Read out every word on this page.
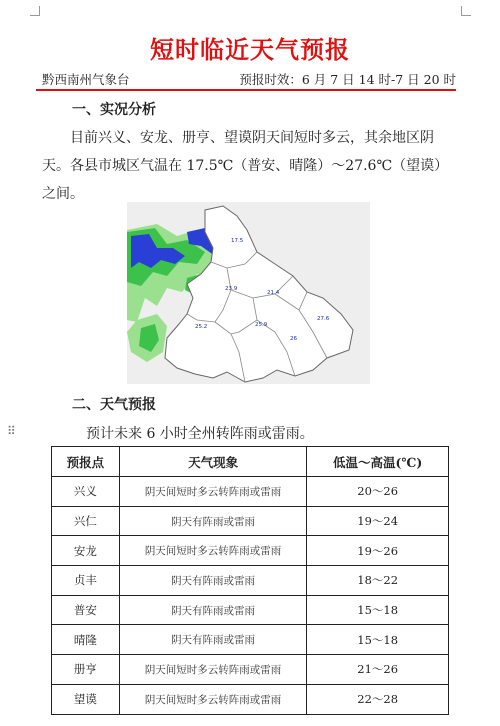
短时临近天气预报
黔西南州气象台	预报时效：6 月 7 日 14 时-7 日 20 时
一、实况分析

目前兴义、安龙、册亨、望谟阴天间短时多云，其余地区阴天。各县市城区气温在 17.5℃（普安、晴隆）～27.6℃（望谟）之间。

17.5
23.9
21.4
27.6
25.2	25.9
26
二、天气预报
⠿	预计未来 6 小时全州转阵雨或雷雨。
预报点	天气现象	低温～高温(℃)
兴义	阴天间短时多云转阵雨或雷雨	20～26
兴仁	阴天有阵雨或雷雨	19～24
安龙	阴天间短时多云转阵雨或雷雨	19～26
贞丰	阴天有阵雨或雷雨	18～22
普安	阴天有阵雨或雷雨	15～18
晴隆	阴天有阵雨或雷雨	15～18
册亨	阴天间短时多云转阵雨或雷雨	21～26
望谟	阴天间短时多云转阵雨或雷雨	22～28
